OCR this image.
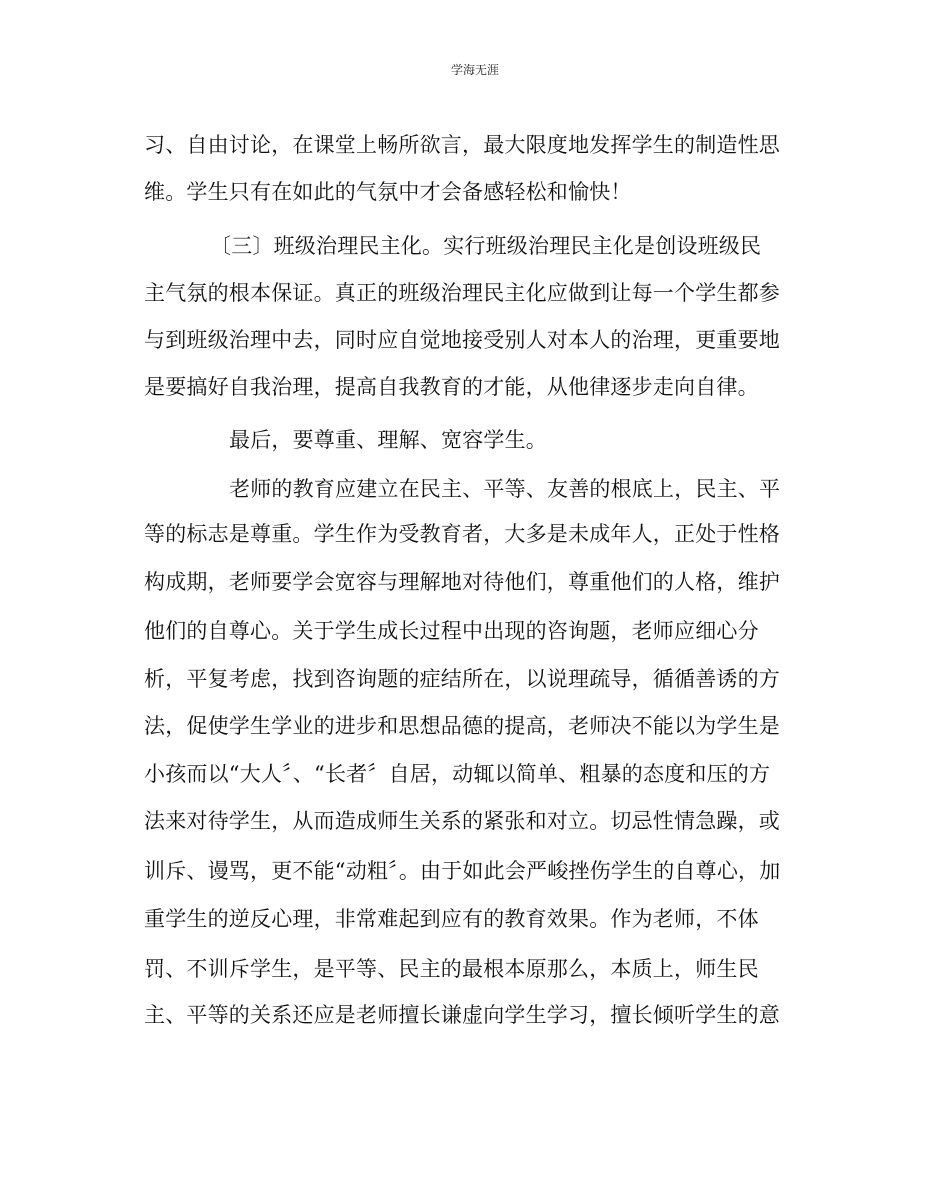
学海无涯
习、自由讨论，在课堂上畅所欲言，最大限度地发挥学生的制造性思
维。学生只有在如此的气氛中才会备感轻松和愉快！
〔三〕班级治理民主化。实行班级治理民主化是创设班级民
主气氛的根本保证。真正的班级治理民主化应做到让每一个学生都参
与到班级治理中去，同时应自觉地接受别人对本人的治理，更重要地
是要搞好自我治理，提高自我教育的才能，从他律逐步走向自律。
最后，要尊重、理解、宽容学生。
老师的教育应建立在民主、平等、友善的根底上，民主、平
等的标志是尊重。学生作为受教育者，大多是未成年人，正处于性格
构成期，老师要学会宽容与理解地对待他们，尊重他们的人格，维护
他们的自尊心。关于学生成长过程中出现的咨询题，老师应细心分
析，平复考虑，找到咨询题的症结所在，以说理疏导，循循善诱的方
法，促使学生学业的进步和思想品德的提高，老师决不能以为学生是
小孩而以“大人〞、“长者〞自居，动辄以简单、粗暴的态度和压的方
法来对待学生，从而造成师生关系的紧张和对立。切忌性情急躁，或
训斥、谩骂，更不能“动粗〞。由于如此会严峻挫伤学生的自尊心，加
重学生的逆反心理，非常难起到应有的教育效果。作为老师，不体
罚、不训斥学生，是平等、民主的最根本原那么，本质上，师生民
主、平等的关系还应是老师擅长谦虚向学生学习，擅长倾听学生的意
